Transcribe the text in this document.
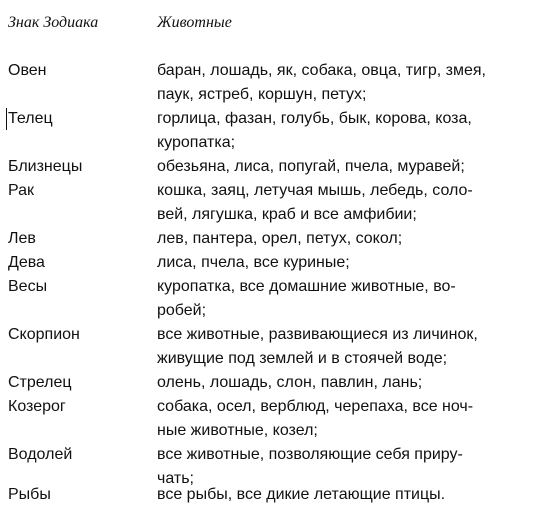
Знак Зодиака	Животные
Овен	баран, лошадь, як, собака, овца, тигр, змея,
паук, ястреб, коршун, петух;
Телец	горлица, фазан, голубь, бык, корова, коза,
куропатка;
Близнецы	обезьяна, лиса, попугай, пчела, муравей;
Рак	кошка, заяц, летучая мышь, лебедь, соло-
вей, лягушка, краб и все амфибии;
Лев	лев, пантера, орел, петух, сокол;
Дева	лиса, пчела, все куриные;
Весы	куропатка, все домашние животные, во-
робей;
Скорпион	все животные, развивающиеся из личинок,
живущие под землей и в стоячей воде;
Стрелец	олень, лошадь, слон, павлин, лань;
Козерог	собака, осел, верблюд, черепаха, все ноч-
ные животные, козел;
Водолей	все животные, позволяющие себя приру-
чать;
Рыбы	все рыбы, все дикие летающие птицы.
